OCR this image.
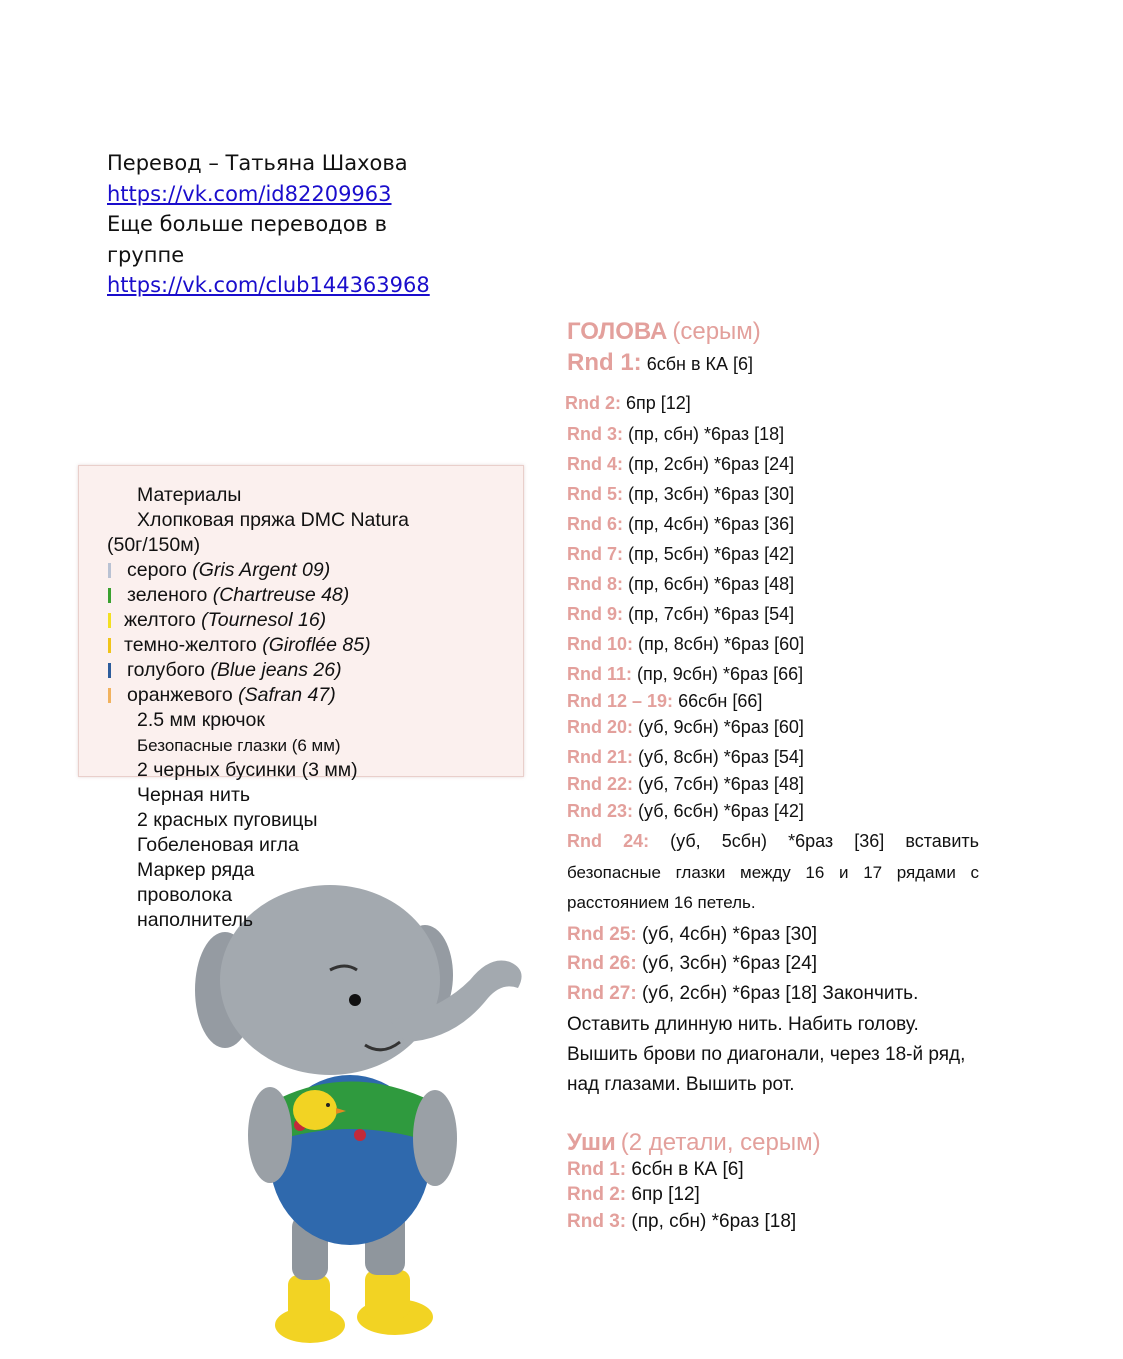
Перевод – Татьяна Шахова
https://vk.com/id82209963
Еще больше переводов в
группе
https://vk.com/club144363968
Материалы
Хлопковая пряжа DMC Natura
(50г/150м)
серого
(Gris Argent 09)
зеленого
(Chartreuse 48)
желтого
(Tournesol 16)
темно-желтого
(Giroflée 85)
голубого
(Blue jeans 26)
оранжевого
(Safran 47)
2.5 мм крючок
Безопасные глазки (6 мм)
2 черных бусинки (3 мм)
Черная нить
2 красных пуговицы
Гобеленовая игла
Маркер ряда
проволока
наполнитель
ГОЛОВА (серым)
Rnd 1: 6сбн в КА [6]
Rnd 2: 6пр [12]
Rnd 3: (пр, сбн) *6раз [18]
Rnd 4: (пр, 2сбн) *6раз [24]
Rnd 5: (пр, 3сбн) *6раз [30]
Rnd 6: (пр, 4сбн) *6раз [36]
Rnd 7: (пр, 5сбн) *6раз [42]
Rnd 8: (пр, 6сбн) *6раз [48]
Rnd 9: (пр, 7сбн) *6раз [54]
Rnd 10: (пр, 8сбн) *6раз [60]
Rnd 11: (пр, 9сбн) *6раз [66]
Rnd 12 – 19: 66сбн [66]
Rnd 20: (уб, 9сбн) *6раз [60]
Rnd 21: (уб, 8сбн) *6раз [54]
Rnd 22: (уб, 7сбн) *6раз [48]
Rnd 23: (уб, 6сбн) *6раз [42]
Rnd 24: (уб, 5сбн) *6раз [36] вставить
безопасные глазки между 16 и 17 рядами с
расстоянием 16 петель.
Rnd 25: (уб, 4сбн) *6раз [30]
Rnd 26: (уб, 3сбн) *6раз [24]
Rnd 27: (уб, 2сбн) *6раз [18] Закончить.
Оставить длинную нить. Набить голову.
Вышить брови по диагонали, через 18-й ряд,
над глазами. Вышить рот.
Уши (2 детали, серым)
Rnd 1: 6сбн в КА [6]
Rnd 2: 6пр [12]
Rnd 3: (пр, сбн) *6раз [18]
